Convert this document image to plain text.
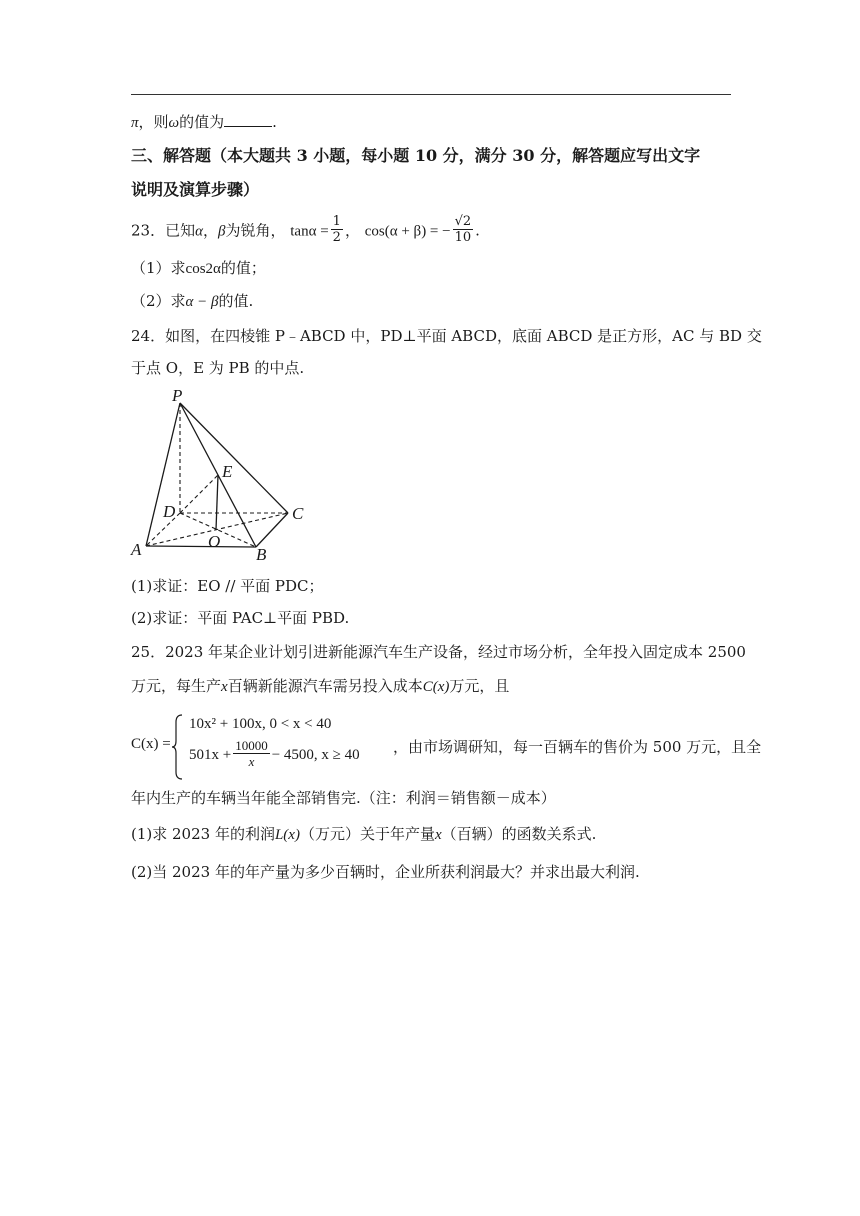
π，则ω的值为	.
三、解答题（本大题共 3 小题，每小题 10 分，满分 30 分，解答题应写出文字
说明及演算步骤）
23．已知α，β为锐角， $\tan\alpha = \frac{1}{2}$ ， cos(α + β) = − $\frac{√2}{10}$ .
（1）求cos2α的值；
（2）求α − β的值.
24．如图，在四棱锥 P﹣ABCD 中，PD⊥平面 ABCD，底面 ABCD 是正方形，AC 与 BD 交
于点 O，E 为 PB 的中点.
P
E
D	C
A	O
B
(1)求证：EO // 平面 PDC；
(2)求证：平面 PAC⊥平面 PBD.
25．2023 年某企业计划引进新能源汽车生产设备，经过市场分析，全年投入固定成本 2500
万元，每生产x百辆新能源汽车需另投入成本C(x)万元，且
C(x) =
10x² + 100x, 0 < x < 40
$501x + \frac{10000}{x} - 4500$, x ≥ 40 ，由市场调研知，每一百辆车的售价为 500 万元，且全
年内生产的车辆当年能全部销售完.（注：利润＝销售额－成本）
(1)求 2023 年的利润L(x)（万元）关于年产量x（百辆）的函数关系式.
(2)当 2023 年的年产量为多少百辆时，企业所获利润最大？并求出最大利润.
